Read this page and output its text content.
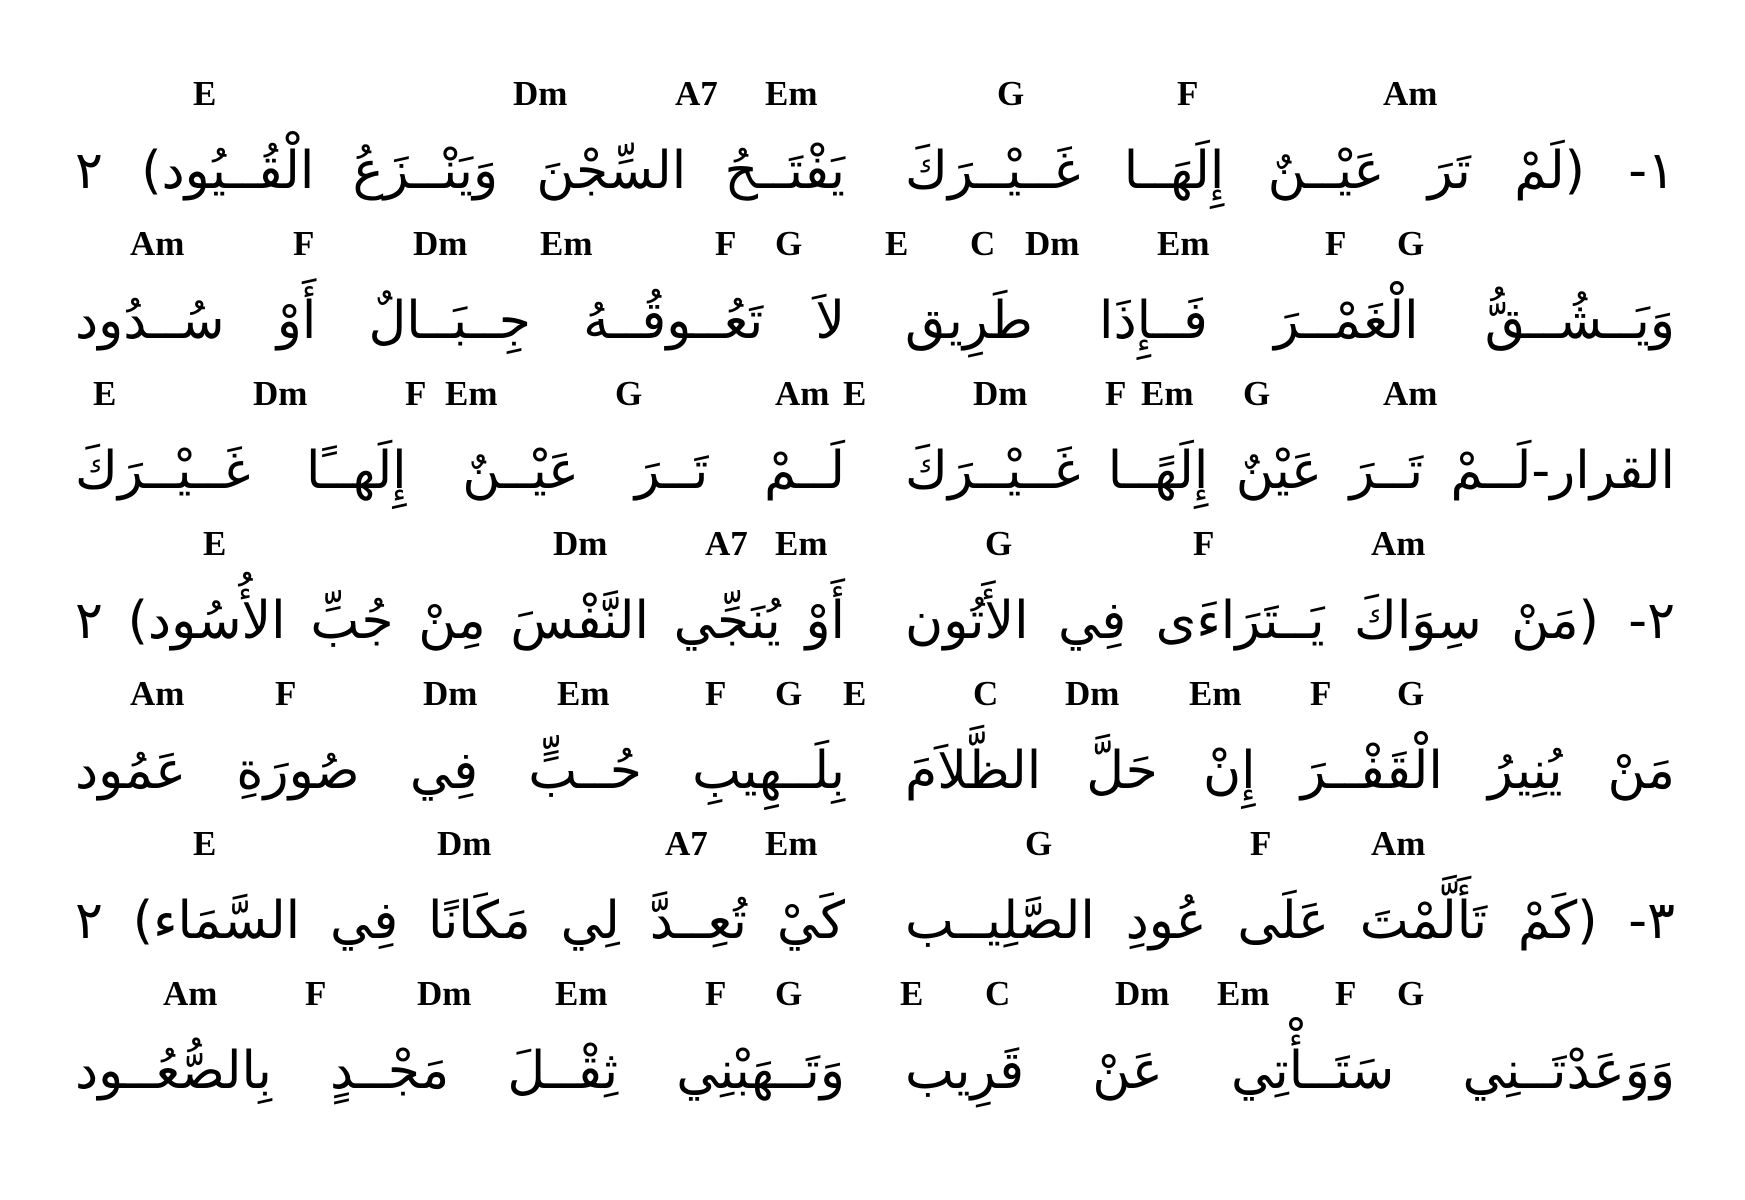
G	F	Am
١- (لَمْ تَرَ عَيْــنٌ إِلَهَــا غَــيْــرَكَ
E C Dm Em	F G
وَيَــشُــقُّ الْغَمْــرَ فَــإِذَا طَرِيق
E	Dm F Em G	Am
القرار-لَــمْ تَــرَ عَيْنٌ إِلَهًــا غَــيْــرَكَ
G	F	Am
٢- (مَنْ سِوَاكَ يَــتَرَاءَى فِي الأَتُون
E	C Dm Em F G
مَنْ يُنِيرُ الْقَفْــرَ إِنْ حَلَّ الظَّلاَمَ
G	F	Am
٣- (كَمْ تَأَلَّمْتَ عَلَى عُودِ الصَّلِيــب
E C	Dm Em F G
وَوَعَدْتَــنِي سَتَــأْتِي عَنْ قَرِيب
E	Dm	A7 Em
يَفْتَــحُ السِّجْنَ وَيَنْــزَعُ الْقُــيُود) ٢
Am	F	Dm Em	F G
لاَ تَعُــوقُــهُ جِــبَــالٌ أَوْ سُــدُود
E	Dm	F Em	G	Am
لَــمْ تَــرَ عَيْــنٌ إِلَهــًا غَــيْــرَكَ
E	Dm	A7 Em
أَوْ يُنَجِّي النَّفْسَ مِنْ جُبِّ الأُسُود) ٢
Am	F	Dm Em	F G
بِلَــهِيبِ حُــبٍّ فِي صُورَةِ عَمُود
E	Dm	A7 Em
كَيْ تُعِــدَّ لِي مَكَانًا فِي السَّمَاء) ٢
Am	F	Dm Em	F G
وَتَــهَبْنِي ثِقْــلَ مَجْــدٍ بِالصُّعُــود
